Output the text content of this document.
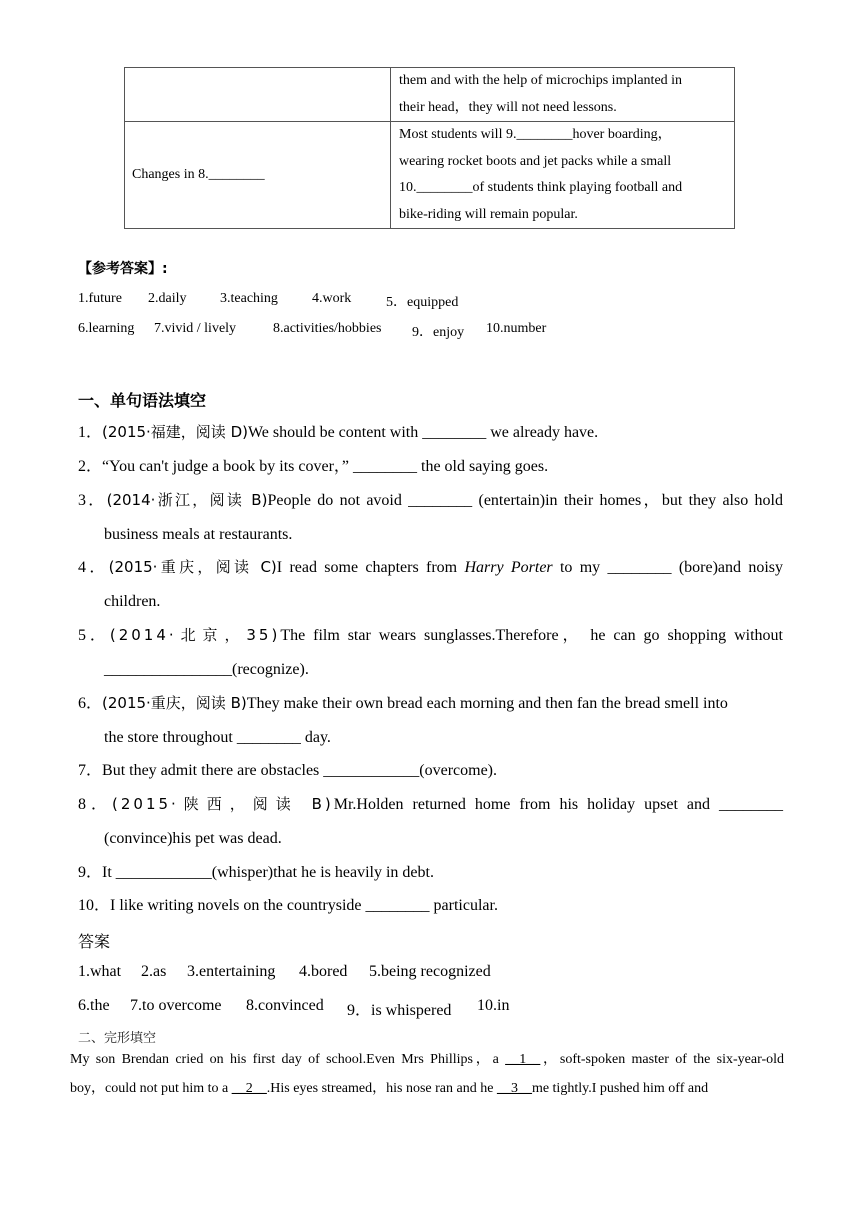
	them and with the help of microchips implanted in
their head，they will not need lessons.

Changes in 8.________	Most students will 9.________hover boarding，
wearing rocket boots and jet packs while a small
10.________of students think playing football and
bike-riding will remain popular.
【参考答案】:
1.future 2.daily 3.teaching 4.work 5．equipped
6.learning 7.vivid / lively	8.activities/hobbies 9．enjoy 10.number
一、单句语法填空
1．(2015·福建，阅读 D)We should be content with ________ we already have.
2．“You can't judge a book by its cover，” ________ the old saying goes.
3．(2014·浙江，阅读 B)People do not avoid ________ (entertain)in their homes，but they also hold
business meals at restaurants.
4．(2015·重庆，阅读 C)I read some chapters from Harry Porter to my ________ (bore)and noisy
children.
5．(2014·北京，35)The film star wears sunglasses.Therefore， he can go shopping without
________________(recognize).
6．(2015·重庆，阅读 B)They make their own bread each morning and then fan the bread smell into
the store throughout ________ day.
7．But they admit there are obstacles ____________(overcome).
8．(2015·陕西，阅读 B)Mr.Holden returned home from his holiday upset and ________
(convince)his pet was dead.
9．It ____________(whisper)that he is heavily in debt.
10．I like writing novels on the countryside ________ particular.
答案
1.what 2.as 3.entertaining 4.bored 5.being recognized
6.the 7.to overcome 8.convinced 9．is whispered 10.in
二、完形填空
My son Brendan cried on his first day of school.Even Mrs Phillips，a __1__，soft-spoken master of the six-year-old
boy，could not put him to a __2__.His eyes streamed，his nose ran and he __3__me tightly.I pushed him off and
